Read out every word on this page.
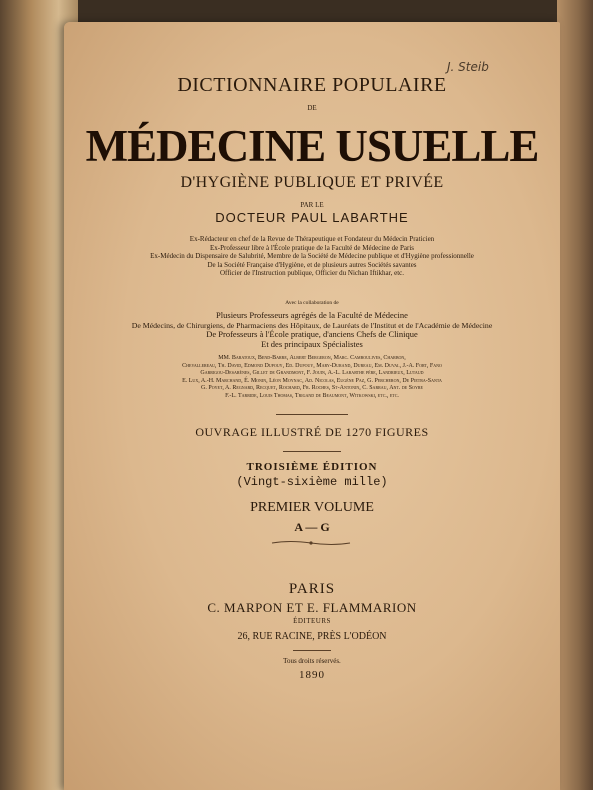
J. Steib
DICTIONNAIRE POPULAIRE
DE
MÉDECINE USUELLE
D'HYGIÈNE PUBLIQUE ET PRIVÉE
PAR LE
DOCTEUR PAUL LABARTHE
Ex-Rédacteur en chef de la Revue de Thérapeutique et Fondateur du Médecin Praticien
Ex-Professeur libre à l'École pratique de la Faculté de Médecine de Paris
Ex-Médecin du Dispensaire de Salubrité, Membre de la Société de Médecine publique et d'Hygiène professionnelle
De la Société Française d'Hygiène, et de plusieurs autres Sociétés savantes
Officier de l'Instruction publique, Officier du Nichan Iftikhar, etc.
Avec la collaboration de
Plusieurs Professeurs agrégés de la Faculté de Médecine
De Médecins, de Chirurgiens, de Pharmaciens des Hôpitaux, de Lauréats de l'Institut et de l'Académie de Médecine
De Professeurs à l'École pratique, d'anciens Chefs de Clinique
Et des principaux Spécialistes
MM. Baratoux, Bend-Barre, Albert Bergeron, Marc. Camboulives, Charbon,
Chevallereau, Th. David, Edmond Dupouy, Ed. Dupouy, Mary-Durand, Dureau, Em. Duval, J.-A. Fort, Fano
Garrigou-Desarènes, Gillet de Grandmont, F. Jouin, A.-L. Labarthe père, Landrieux, Lutaud
E. Lux, A.-H. Marchand, É. Monin, Léon Moynac, Ad. Nicolas, Eugène Paz, G. Percheron, De Pietra-Santa
G. Poyet, A. Regnard, Recquet, Rochard, Fr. Roches, St-Antonin, C. Sarrau, Ant. de Soyre
F.-L. Tarride, Louis Thomas, Trigand de Beaumont, Witkowski, etc., etc.
OUVRAGE ILLUSTRÉ DE 1270 FIGURES
TROISIÈME ÉDITION
(Vingt-sixième mille)
PREMIER VOLUME
A — G
PARIS
C. MARPON ET E. FLAMMARION
ÉDITEURS
26, RUE RACINE, PRÈS L'ODÉON
Tous droits réservés.
1890
